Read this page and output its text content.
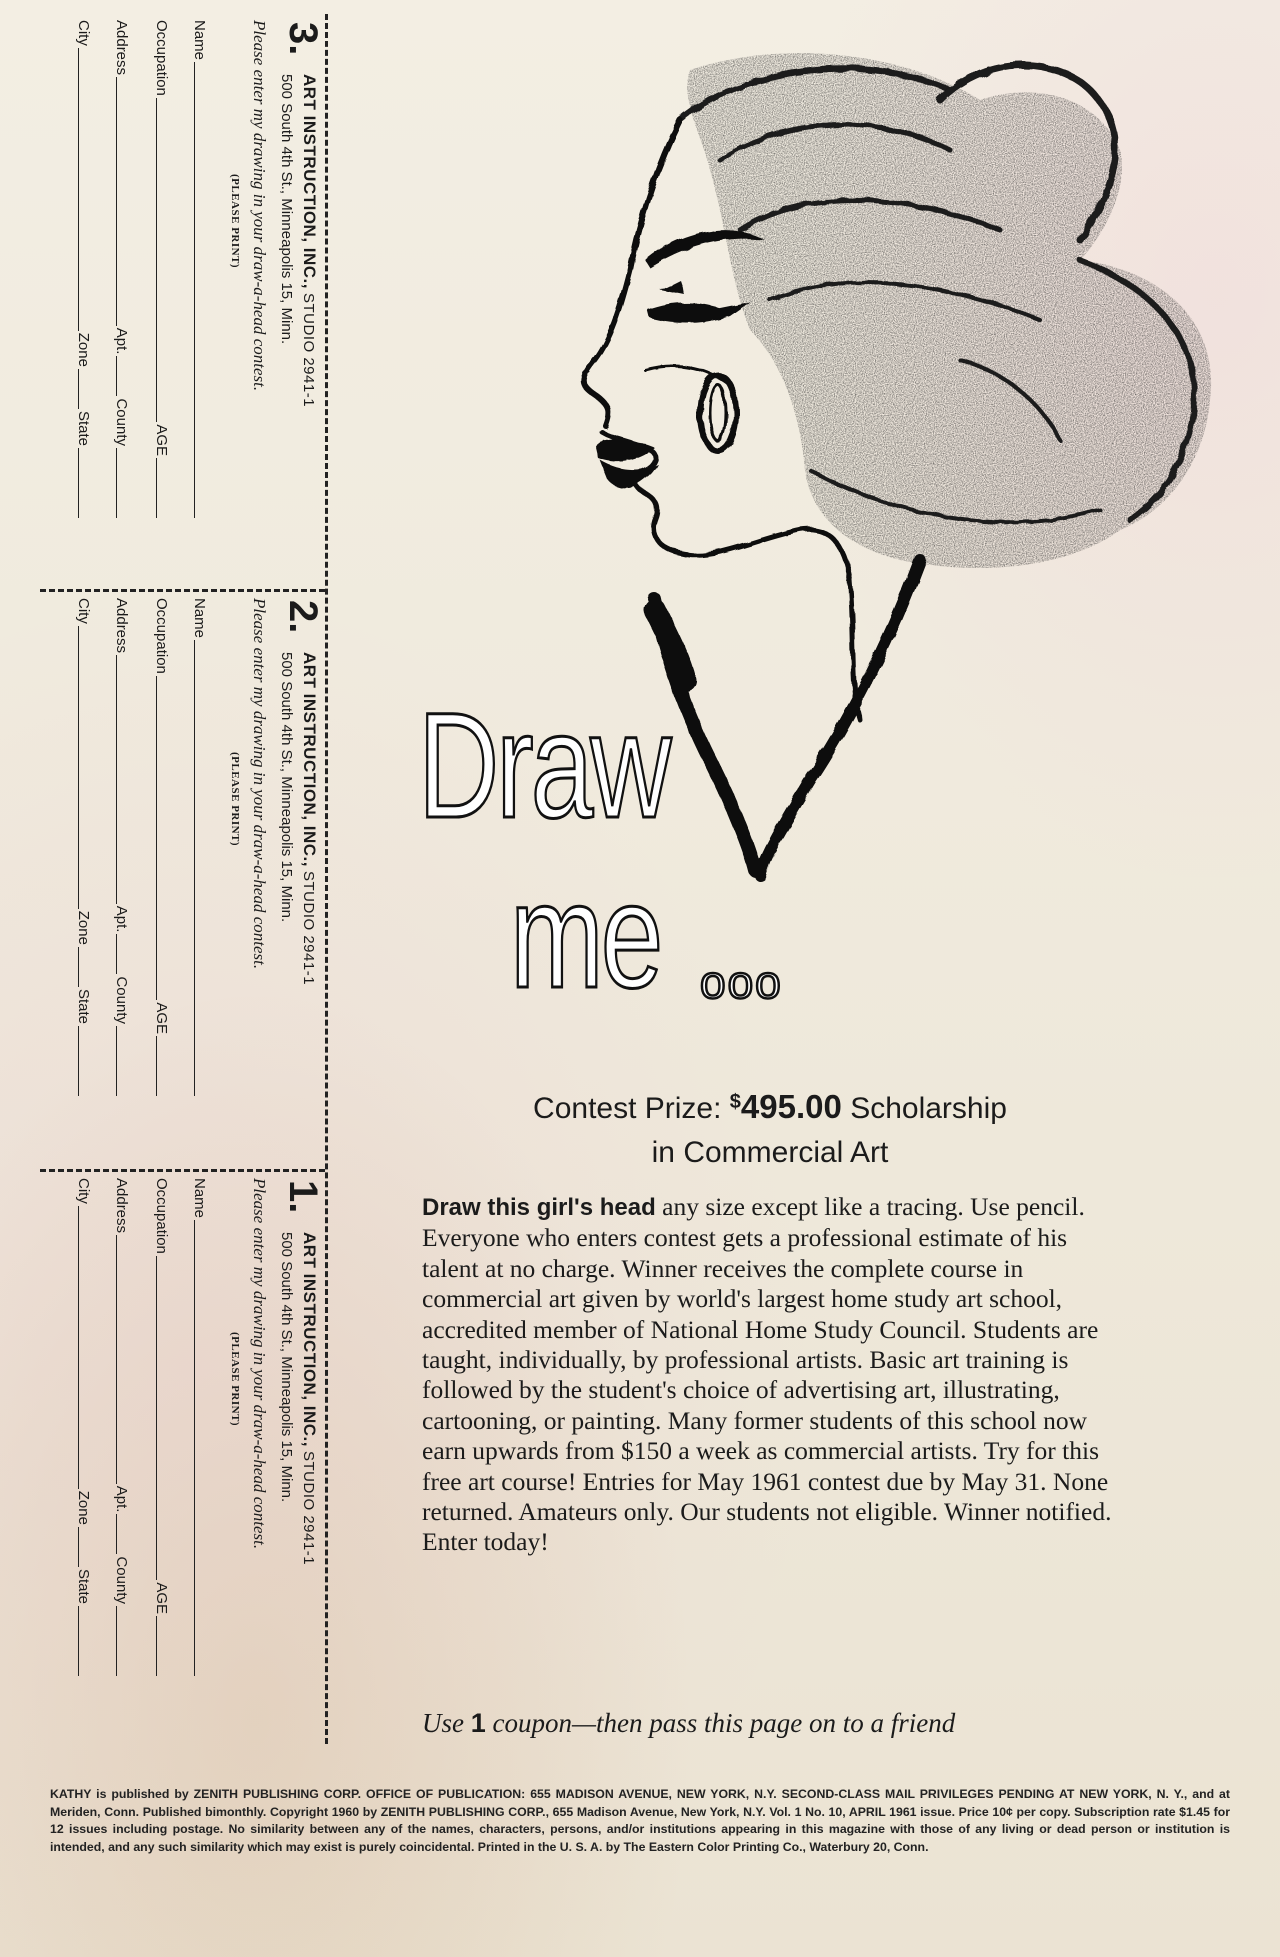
3.
ART INSTRUCTION, INC.,STUDIO 2941-1
500 South 4th St., Minneapolis 15, Minn.
Please enter my drawing in your draw-a-head contest.
(PLEASE PRINT)
Name
Occupation
AGE
Address
Apt.
County
City
Zone
State
2.
ART INSTRUCTION, INC.,STUDIO 2941-1
500 South 4th St., Minneapolis 15, Minn.
Please enter my drawing in your draw-a-head contest.
(PLEASE PRINT)
Name
Occupation
AGE
Address
Apt.
County
City
Zone
State
1.
ART INSTRUCTION, INC.,STUDIO 2941-1
500 South 4th St., Minneapolis 15, Minn.
Please enter my drawing in your draw-a-head contest.
(PLEASE PRINT)
Name
Occupation
AGE
Address
Apt.
County
City
Zone
State
Draw
me ooo
Contest Prize: $495.00 Scholarship
in Commercial Art
Draw this girl's head any size except like a tracing. Use pencil. Everyone who enters contest gets a professional estimate of his talent at no charge. Winner receives the complete course in commercial art given by world's largest home study art school, accredited member of National Home Study Council. Students are taught, individually, by professional artists. Basic art training is followed by the student's choice of advertising art, illustrating, cartooning, or painting. Many former students of this school now earn upwards from $150 a week as commercial artists. Try for this free art course! Entries for May 1961 contest due by May 31. None returned. Amateurs only. Our students not eligible. Winner notified. Enter today!
Use 1 coupon—then pass this page on to a friend
KATHY is published by ZENITH PUBLISHING CORP. OFFICE OF PUBLICATION: 655 MADISON AVENUE, NEW YORK, N.Y. SECOND-CLASS MAIL PRIVILEGES PENDING AT NEW YORK, N. Y., and at Meriden, Conn. Published bimonthly. Copyright 1960 by ZENITH PUBLISHING CORP., 655 Madison Avenue, New York, N.Y. Vol. 1 No. 10, APRIL 1961 issue. Price 10¢ per copy. Subscription rate $1.45 for 12 issues including postage. No similarity between any of the names, characters, persons, and/or institutions appearing in this magazine with those of any living or dead person or institution is intended, and any such similarity which may exist is purely coincidental. Printed in the U. S. A. by The Eastern Color Printing Co., Waterbury 20, Conn.
